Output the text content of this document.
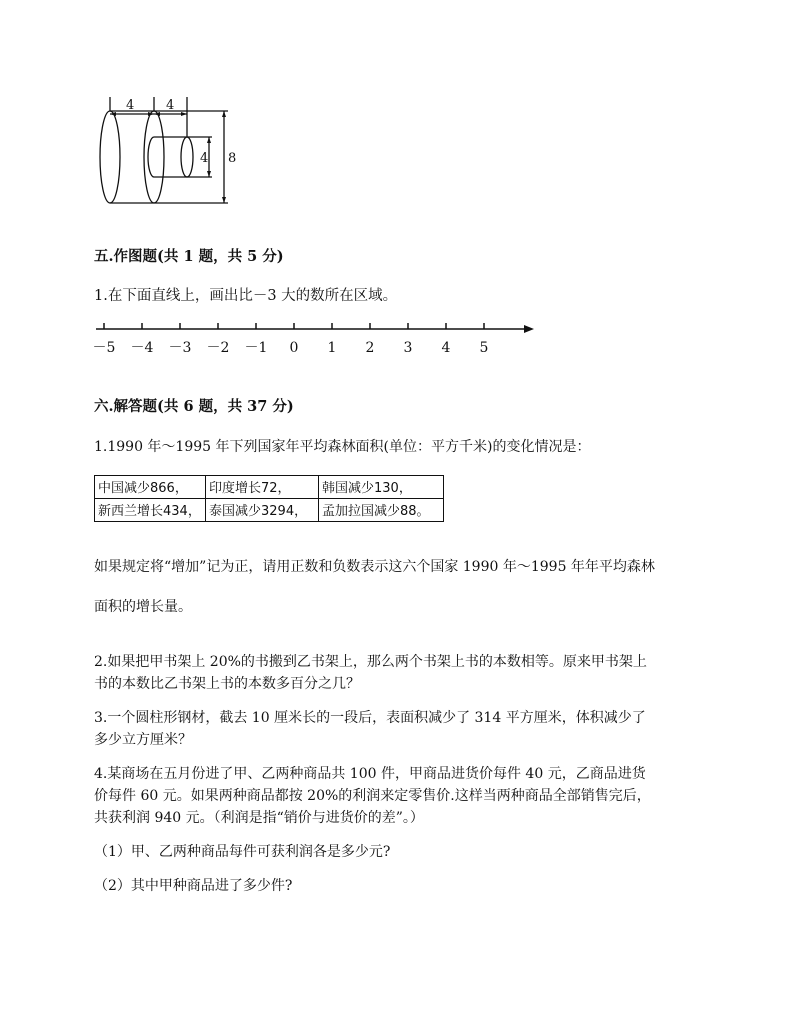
4 4
4 8
五.作图题(共 1 题，共 5 分)
1.在下面直线上，画出比－3 大的数所在区域。
－5 －4 －3 －2 －1 0 1 2 3 4 5
六.解答题(共 6 题，共 37 分)
1.1990 年～1995 年下列国家年平均森林面积(单位：平方千米)的变化情况是：
中国减少866，	印度增长72，	韩国减少130，
新西兰增长434，	泰国减少3294，	孟加拉国减少88。
如果规定将“增加”记为正，请用正数和负数表示这六个国家 1990 年～1995 年年平均森林
面积的增长量。
2.如果把甲书架上 20%的书搬到乙书架上，那么两个书架上书的本数相等。原来甲书架上
书的本数比乙书架上书的本数多百分之几？
3.一个圆柱形钢材，截去 10 厘米长的一段后，表面积减少了 314 平方厘米，体积减少了
多少立方厘米？
4.某商场在五月份进了甲、乙两种商品共 100 件，甲商品进货价每件 40 元，乙商品进货
价每件 60 元。如果两种商品都按 20%的利润来定零售价.这样当两种商品全部销售完后，
共获利润 940 元。（利润是指“销价与进货价的差”。）
（1）甲、乙两种商品每件可获利润各是多少元?
（2）其中甲种商品进了多少件?
